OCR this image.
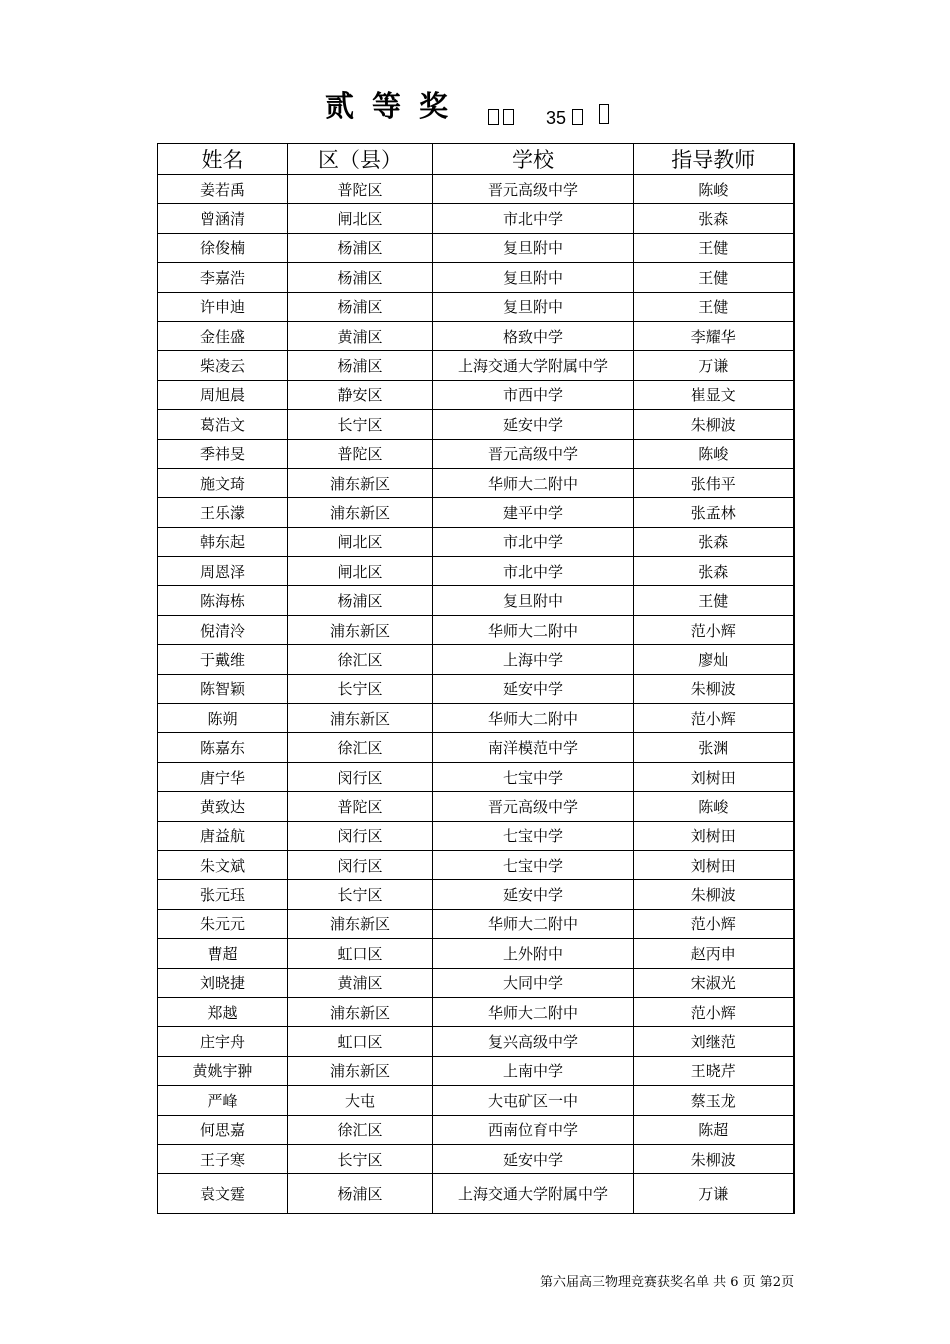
贰等奖	35
姓名	区（县）	学校	指导教师
姜若禹	普陀区	晋元高级中学	陈峻
曾涵清	闸北区	市北中学	张森
徐俊楠	杨浦区	复旦附中	王健
李嘉浩	杨浦区	复旦附中	王健
许申迪	杨浦区	复旦附中	王健
金佳盛	黄浦区	格致中学	李耀华
柴凌云	杨浦区	上海交通大学附属中学	万谦
周旭晨	静安区	市西中学	崔显文
葛浩文	长宁区	延安中学	朱柳波
季祎旻	普陀区	晋元高级中学	陈峻
施文琦	浦东新区	华师大二附中	张伟平
王乐濛	浦东新区	建平中学	张孟林
韩东起	闸北区	市北中学	张森
周恩泽	闸北区	市北中学	张森
陈海栋	杨浦区	复旦附中	王健
倪清泠	浦东新区	华师大二附中	范小辉
于戴维	徐汇区	上海中学	廖灿
陈智颖	长宁区	延安中学	朱柳波
陈朔	浦东新区	华师大二附中	范小辉
陈嘉东	徐汇区	南洋模范中学	张渊
唐宁华	闵行区	七宝中学	刘树田
黄致达	普陀区	晋元高级中学	陈峻
唐益航	闵行区	七宝中学	刘树田
朱文斌	闵行区	七宝中学	刘树田
张元珏	长宁区	延安中学	朱柳波
朱元元	浦东新区	华师大二附中	范小辉
曹超	虹口区	上外附中	赵丙申
刘晓捷	黄浦区	大同中学	宋淑光
郑越	浦东新区	华师大二附中	范小辉
庄宇舟	虹口区	复兴高级中学	刘继范
黄姚宇翀	浦东新区	上南中学	王晓芹
严峰	大屯	大屯矿区一中	蔡玉龙
何思嘉	徐汇区	西南位育中学	陈超
王子寒	长宁区	延安中学	朱柳波
袁文霆	杨浦区	上海交通大学附属中学	万谦
第六届高三物理竞赛获奖名单 共 6 页 第2页
